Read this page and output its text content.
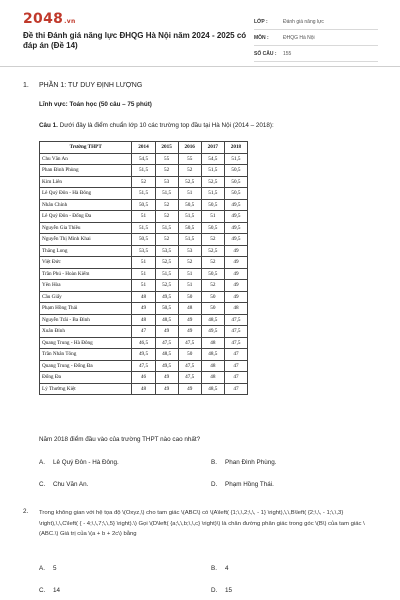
2048.vn
Đề thi Đánh giá năng lực ĐHQG Hà Nội năm 2024 - 2025 có đáp án (Đề 14)
LỚP :	Đánh giá năng lực
MÔN :	ĐHQG Hà Nội
SỐ CÂU :	155
1. PHẦN 1: TƯ DUY ĐỊNH LƯỢNG
Lĩnh vực: Toán học (50 câu – 75 phút)
Câu 1. Dưới đây là điểm chuẩn lớp 10 các trường top đầu tại Hà Nội (2014 – 2018):
Trường THPT	2014	2015	2016	2017	2018
Chu Văn An	54,5	55	55	54,5	51,5
Phan Đình Phùng	51,5	52	52	51,5	50,5
Kim Liên	52	53	52,5	52,5	50,5
Lê Quý Đôn - Hà Đông	51,5	51,5	51	51,5	50,5
Nhân Chính	50,5	52	50,5	50,5	49,5
Lê Quý Đôn - Đống Đa	51	52	51,5	51	49,5
Nguyễn Gia Thiều	51,5	51,5	50,5	50,5	49,5
Nguyễn Thị Minh Khai	50,5	52	51,5	52	49,5
Thăng Long	53,5	53,5	53	52,5	49
Việt Đức	51	52,5	52	52	49
Trần Phú - Hoàn Kiếm	51	51,5	51	50,5	49
Yên Hòa	51	52,5	51	52	49
Cầu Giấy	48	49,5	50	50	49
Phạm Hồng Thái	49	50,5	48	50	48
Nguyễn Trãi - Ba Đình	48	48,5	49	48,5	47,5
Xuân Đỉnh	47	49	49	49,5	47,5
Quang Trung - Hà Đông	46,5	47,5	47,5	48	47,5
Trần Nhân Tông	49,5	48,5	50	48,5	47
Quang Trung - Đống Đa	47,5	49,5	47,5	48	47
Đống Đa	46	49	47,5	48	47
Lý Thường Kiệt	48	49	49	48,5	47
Năm 2018 điểm đầu vào của trường THPT nào cao nhất?
A. Lê Quý Đôn - Hà Đông.	B. Phan Đình Phùng.
C. Chu Văn An.	D. Phạm Hồng Thái.
2. Trong không gian với hệ tọa độ \(Oxyz,\) cho tam giác \(ABC\) có \(A\left( {1;\,\,2;\,\, - 1} \right),\,\,B\left( {2;\,\, - 1;\,\,3} \right),\,\,C\left( { - 4;\,\,7;\,\,5} \right).\) Gọi \(D\left( {a;\,\,b;\,\,c} \right)\) là chân đường phân giác trong góc \(B\) của tam giác \(ABC.\) Giá trị của \(a + b + 2c\) bằng
A. 5	B. 4
C. 14	D. 15
